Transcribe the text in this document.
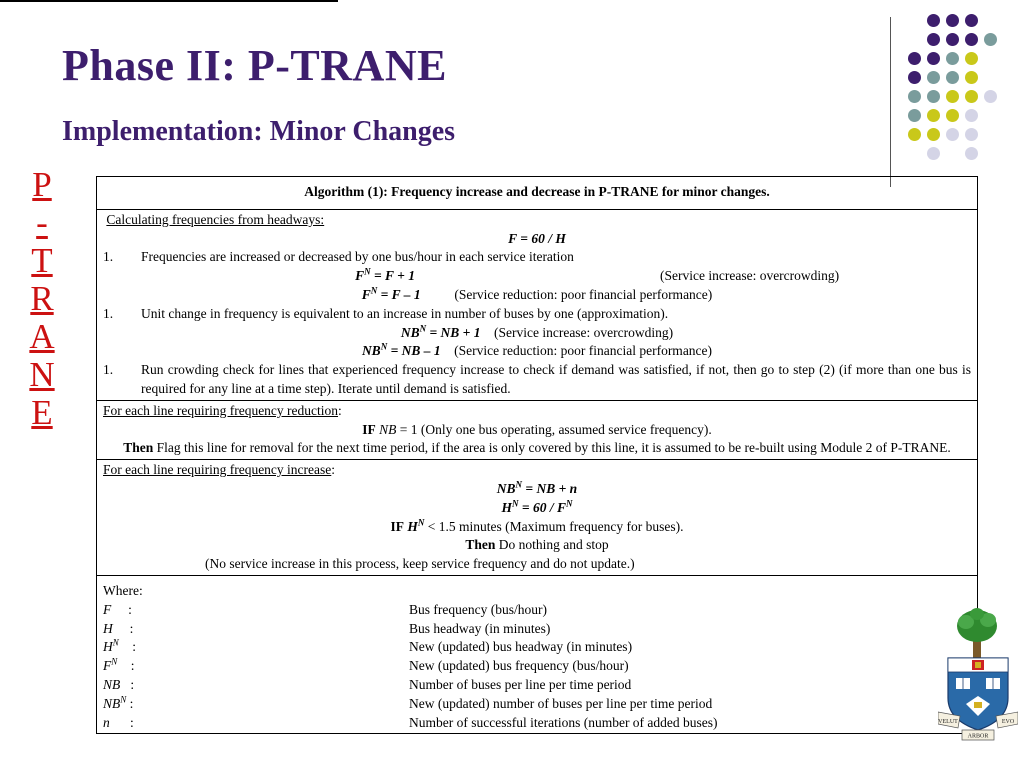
Phase II: P-TRANE
Implementation: Minor Changes
P
-
T
R
A
N
E
Algorithm (1): Frequency increase and decrease in P-TRANE for minor changes.
Calculating frequencies from headways:
F = 60 / H
1.	Frequencies are increased or decreased by one bus/hour in each service iteration
$F^N = F + 1$	(Service increase: overcrowding)
$F^N = F - 1$	(Service reduction: poor financial performance)
1.	Unit change in frequency is equivalent to an increase in number of buses by one (approximation).
$NB^N$ = NB + 1 (Service increase: overcrowding)
$NB^N$ = NB – 1 (Service reduction: poor financial performance)
1.	Run crowding check for lines that experienced frequency increase to check if demand was satisfied, if not, then go to step (2) (if more than one bus is required for any line at a time step). Iterate until demand is satisfied.
For each line requiring frequency reduction:
IF NB = 1 (Only one bus operating, assumed service frequency).
Then Flag this line for removal for the next time period, if the area is only covered by this line, it is assumed to be re-built using Module 2 of P-TRANE.
For each line requiring frequency increase:
$NB^N$ = NB + n
$H^N = 60 / F^N$
IF $H^N < 1.5$ minutes (Maximum frequency for buses).
Then Do nothing and stop
(No service increase in this process, keep service frequency and do not update.)
Where:
F     :	Bus frequency (bus/hour)
H     :	Bus headway (in minutes)
$H^N$    :	New (updated) bus headway (in minutes)
$F^N$    :	New (updated) bus frequency (bus/hour)
NB   :	Number of buses per line per time period
$NB^N$ :	New (updated) number of buses per line per time period
n      :	Number of successful iterations (number of added buses)	VELUT	EVO
ARBOR
